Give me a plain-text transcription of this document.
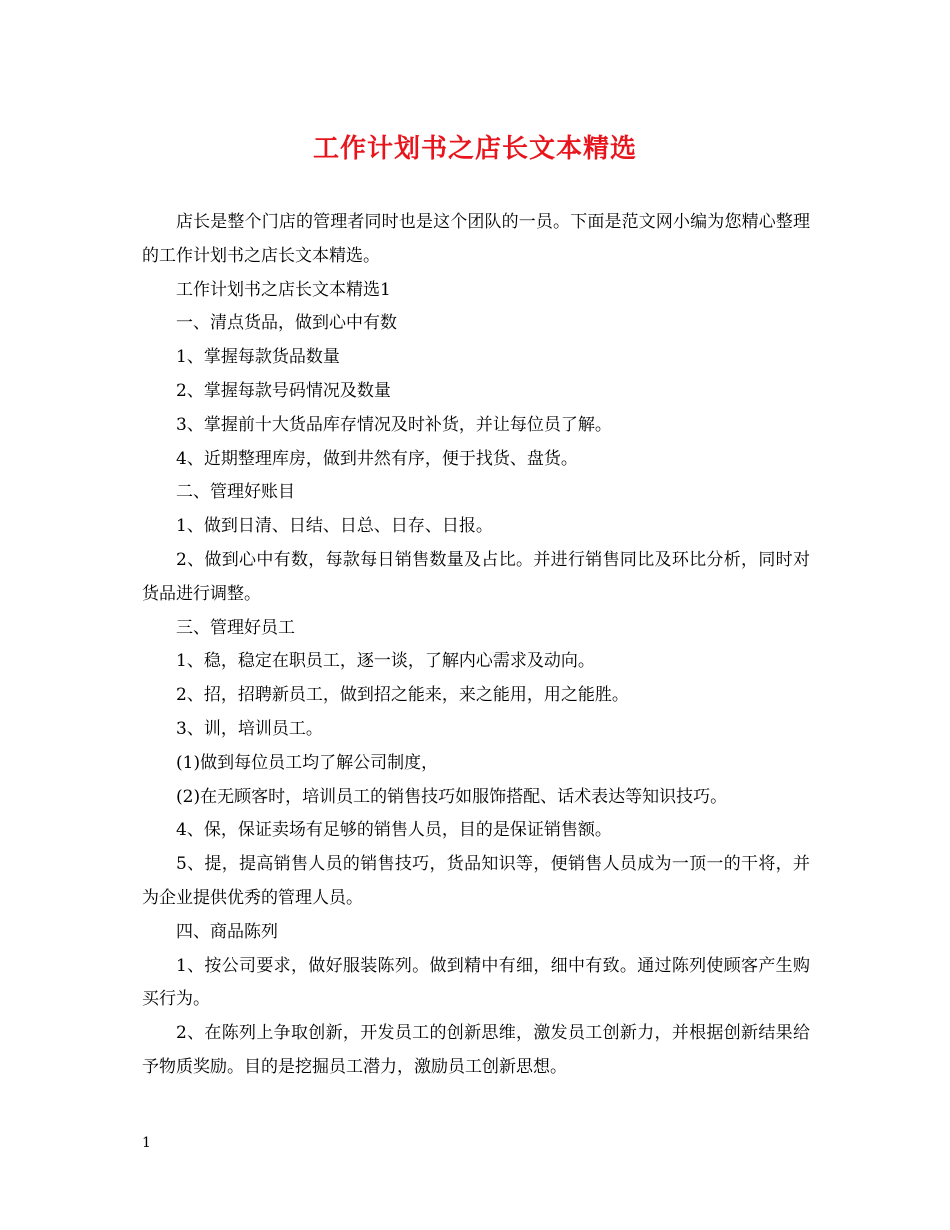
工作计划书之店长文本精选

店长是整个门店的管理者同时也是这个团队的一员。下面是范文网小编为您精心整理的工作计划书之店长文本精选。

工作计划书之店长文本精选1

一、清点货品，做到心中有数

1、掌握每款货品数量

2、掌握每款号码情况及数量

3、掌握前十大货品库存情况及时补货，并让每位员了解。

4、近期整理库房，做到井然有序，便于找货、盘货。

二、管理好账目

1、做到日清、日结、日总、日存、日报。

2、做到心中有数，每款每日销售数量及占比。并进行销售同比及环比分析，同时对货品进行调整。

三、管理好员工

1、稳，稳定在职员工，逐一谈，了解内心需求及动向。

2、招，招聘新员工，做到招之能来，来之能用，用之能胜。

3、训，培训员工。

(1)做到每位员工均了解公司制度，

(2)在无顾客时，培训员工的销售技巧如服饰搭配、话术表达等知识技巧。

4、保，保证卖场有足够的销售人员，目的是保证销售额。

5、提，提高销售人员的销售技巧，货品知识等，便销售人员成为一顶一的干将，并为企业提供优秀的管理人员。

四、商品陈列

1、按公司要求，做好服装陈列。做到精中有细，细中有致。通过陈列使顾客产生购买行为。

2、在陈列上争取创新，开发员工的创新思维，激发员工创新力，并根据创新结果给予物质奖励。目的是挖掘员工潜力，激励员工创新思想。

1
